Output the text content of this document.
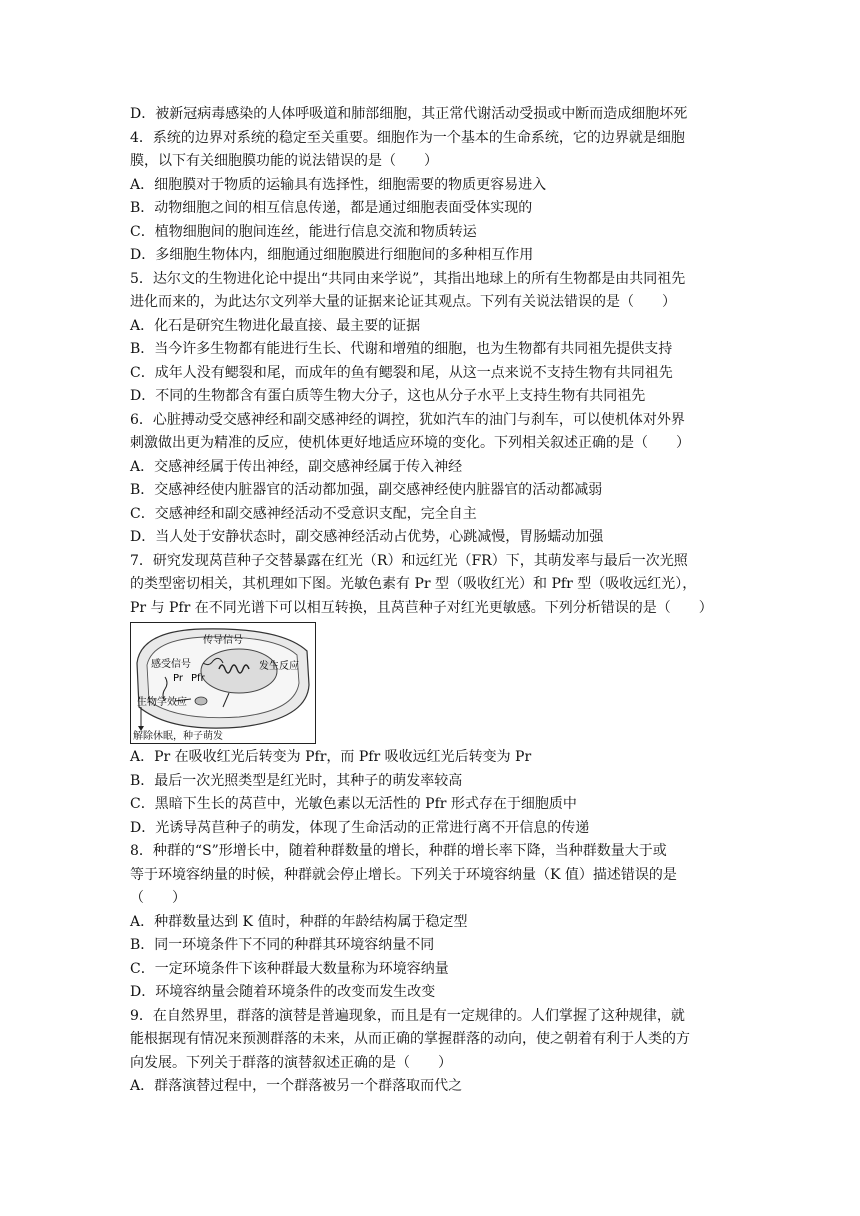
D．被新冠病毒感染的人体呼吸道和肺部细胞，其正常代谢活动受损或中断而造成细胞坏死
4．系统的边界对系统的稳定至关重要。细胞作为一个基本的生命系统，它的边界就是细胞
膜，以下有关细胞膜功能的说法错误的是（　　）
A．细胞膜对于物质的运输具有选择性，细胞需要的物质更容易进入
B．动物细胞之间的相互信息传递，都是通过细胞表面受体实现的
C．植物细胞间的胞间连丝，能进行信息交流和物质转运
D．多细胞生物体内，细胞通过细胞膜进行细胞间的多种相互作用
5．达尔文的生物进化论中提出“共同由来学说”，其指出地球上的所有生物都是由共同祖先
进化而来的，为此达尔文列举大量的证据来论证其观点。下列有关说法错误的是（　　）
A．化石是研究生物进化最直接、最主要的证据
B．当今许多生物都有能进行生长、代谢和增殖的细胞，也为生物都有共同祖先提供支持
C．成年人没有鳃裂和尾，而成年的鱼有鳃裂和尾，从这一点来说不支持生物有共同祖先
D．不同的生物都含有蛋白质等生物大分子，这也从分子水平上支持生物有共同祖先
6．心脏搏动受交感神经和副交感神经的调控，犹如汽车的油门与刹车，可以使机体对外界
刺激做出更为精准的反应，使机体更好地适应环境的变化。下列相关叙述正确的是（　　）
A．交感神经属于传出神经，副交感神经属于传入神经
B．交感神经使内脏器官的活动都加强，副交感神经使内脏器官的活动都减弱
C．交感神经和副交感神经活动不受意识支配，完全自主
D．当人处于安静状态时，副交感神经活动占优势，心跳减慢，胃肠蠕动加强
7．研究发现莴苣种子交替暴露在红光（R）和远红光（FR）下，其萌发率与最后一次光照
的类型密切相关，其机理如下图。光敏色素有 Pr 型（吸收红光）和 Pfr 型（吸收远红光），
Pr 与 Pfr 在不同光谱下可以相互转换，且莴苣种子对红光更敏感。下列分析错误的是（　　）
传导信号
感受信号	发生反应
Pr Pfr
生物学效应
解除休眠，种子萌发
A．Pr 在吸收红光后转变为 Pfr，而 Pfr 吸收远红光后转变为 Pr
B．最后一次光照类型是红光时，其种子的萌发率较高
C．黑暗下生长的莴苣中，光敏色素以无活性的 Pfr 形式存在于细胞质中
D．光诱导莴苣种子的萌发，体现了生命活动的正常进行离不开信息的传递
8．种群的“S”形增长中，随着种群数量的增长，种群的增长率下降，当种群数量大于或
等于环境容纳量的时候，种群就会停止增长。下列关于环境容纳量（K 值）描述错误的是
（　　）
A．种群数量达到 K 值时，种群的年龄结构属于稳定型
B．同一环境条件下不同的种群其环境容纳量不同
C．一定环境条件下该种群最大数量称为环境容纳量
D．环境容纳量会随着环境条件的改变而发生改变
9．在自然界里，群落的演替是普遍现象，而且是有一定规律的。人们掌握了这种规律，就
能根据现有情况来预测群落的未来，从而正确的掌握群落的动向，使之朝着有利于人类的方
向发展。下列关于群落的演替叙述正确的是（　　）
A．群落演替过程中，一个群落被另一个群落取而代之
